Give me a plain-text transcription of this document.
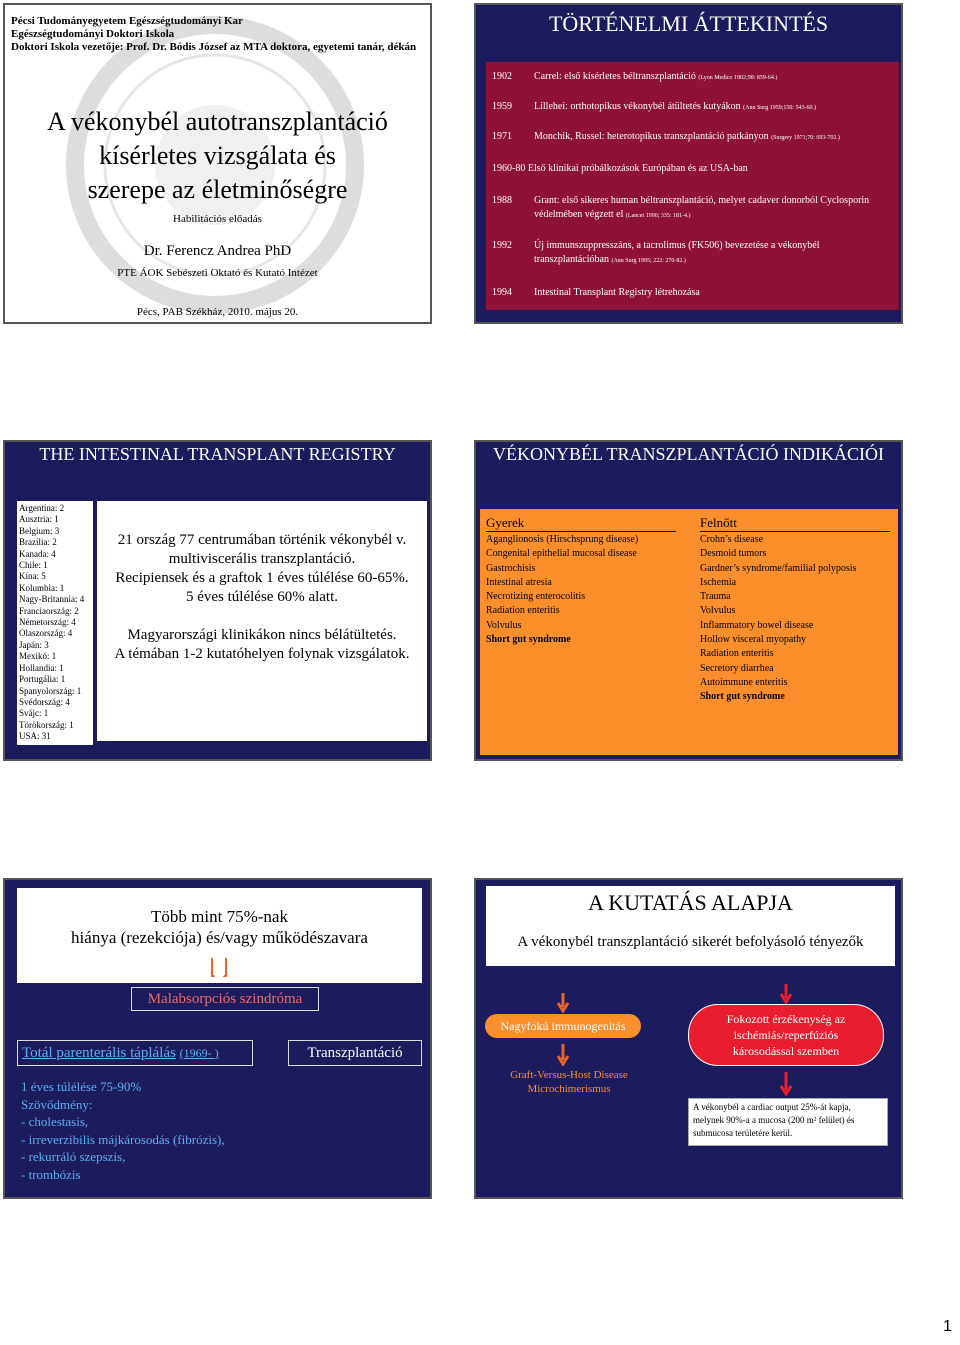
Pécsi Tudományegyetem Egészségtudományi Kar
Egészségtudományi Doktori Iskola
Doktori Iskola vezetője: Prof. Dr. Bódis József az MTA doktora, egyetemi tanár, dékán
A vékonybél autotranszplantáció
kísérletes vizsgálata és
szerepe az életminőségre
Habilitációs előadás
Dr. Ferencz Andrea PhD
PTE ÁOK Sebészeti Oktató és Kutató Intézet
Pécs, PAB Székház, 2010. május 20.
TÖRTÉNELMI ÁTTEKINTÉS
1902	Carrel: első kísérletes béltranszplantáció (Lyon Medico 1902;98: 859-64.)
1959	Lillehei: orthotopikus vékonybél átültetés kutyákon (Ann Surg 1959;150: 543-60.)
1971	Monchik, Russel: heterotopikus transzplantáció patkányon (Surgery 1971;70: 693-702.)
1960-80 Első klinikai próbálkozások Európában és az USA-ban
1988	Grant: első sikeres human béltranszplantáció, melyet cadaver donorból Cyclosporin védelmében végzett el (Lancet 1990; 335: 181-4.)
1992	Új immunszuppresszáns, a tacrolimus (FK506) bevezetése a vékonybél transzplantációban (Ann Surg 1995; 222: 270-82.)
1994	Intestinal Transplant Registry létrehozása
THE INTESTINAL TRANSPLANT REGISTRY
Argentína: 2
Ausztria: 1
Belgium: 3
Brazília: 2
Kanada: 4
Chile: 1
Kína: 5
Kolumbia: 1
Nagy-Britannia: 4
Franciaország: 2
Németország: 4
Olaszország: 4
Japán: 3
Mexikó: 1
Hollandia: 1
Portugália: 1
Spanyolország: 1
Svédország: 4
Svájc: 1
Törökország: 1
USA: 31
21 ország 77 centrumában történik vékonybél v.
multiviscerális transzplantáció.
Recipiensek és a graftok 1 éves túlélése 60-65%.
5 éves túlélése 60% alatt.
Magyarországi klinikákon nincs bélátültetés.
A témában 1-2 kutatóhelyen folynak vizsgálatok.
VÉKONYBÉL TRANSZPLANTÁCIÓ INDIKÁCIÓI
Gyerek
Aganglionosis (Hirschsprung disease)
Congenital epithelial mucosal disease
Gastrochisis
Intestinal atresia
Necrotizing enterocolitis
Radiation enteritis
Volvulus
Short gut syndrome
Felnőtt
Crohn’s disease
Desmoid tumors
Gardner’s syndrome/familial polyposis
Ischemia
Trauma
Volvulus
Inflammatory bowel disease
Hollow visceral myopathy
Radiation enteritis
Secretory diarrhea
Autoimmune enteritis
Short gut syndrome
Több mint 75%-nak
hiánya (rezekciója) és/vagy működészavara
Malabsorpciós szindróma
Totál parenterális táplálás (1969- )	Transzplantáció
1 éves túlélése 75-90%
Szövődmény:
- cholestasis,
- irreverzibilis májkárosodás (fibrózis),
- rekurráló szepszis,
- trombózis
A KUTATÁS ALAPJA
A vékonybél transzplantáció sikerét befolyásoló tényezők
Nagyfokú immunogenitás
Graft-Versus-Host Disease
Microchimerismus
Fokozott érzékenység az
ischémiás/reperfúziós
károsodással szemben
A vékonybél a cardiac output 25%-át kapja,
melynek 90%-a a mucosa (200 m² felület) és
submucosa területére kerül.
1
